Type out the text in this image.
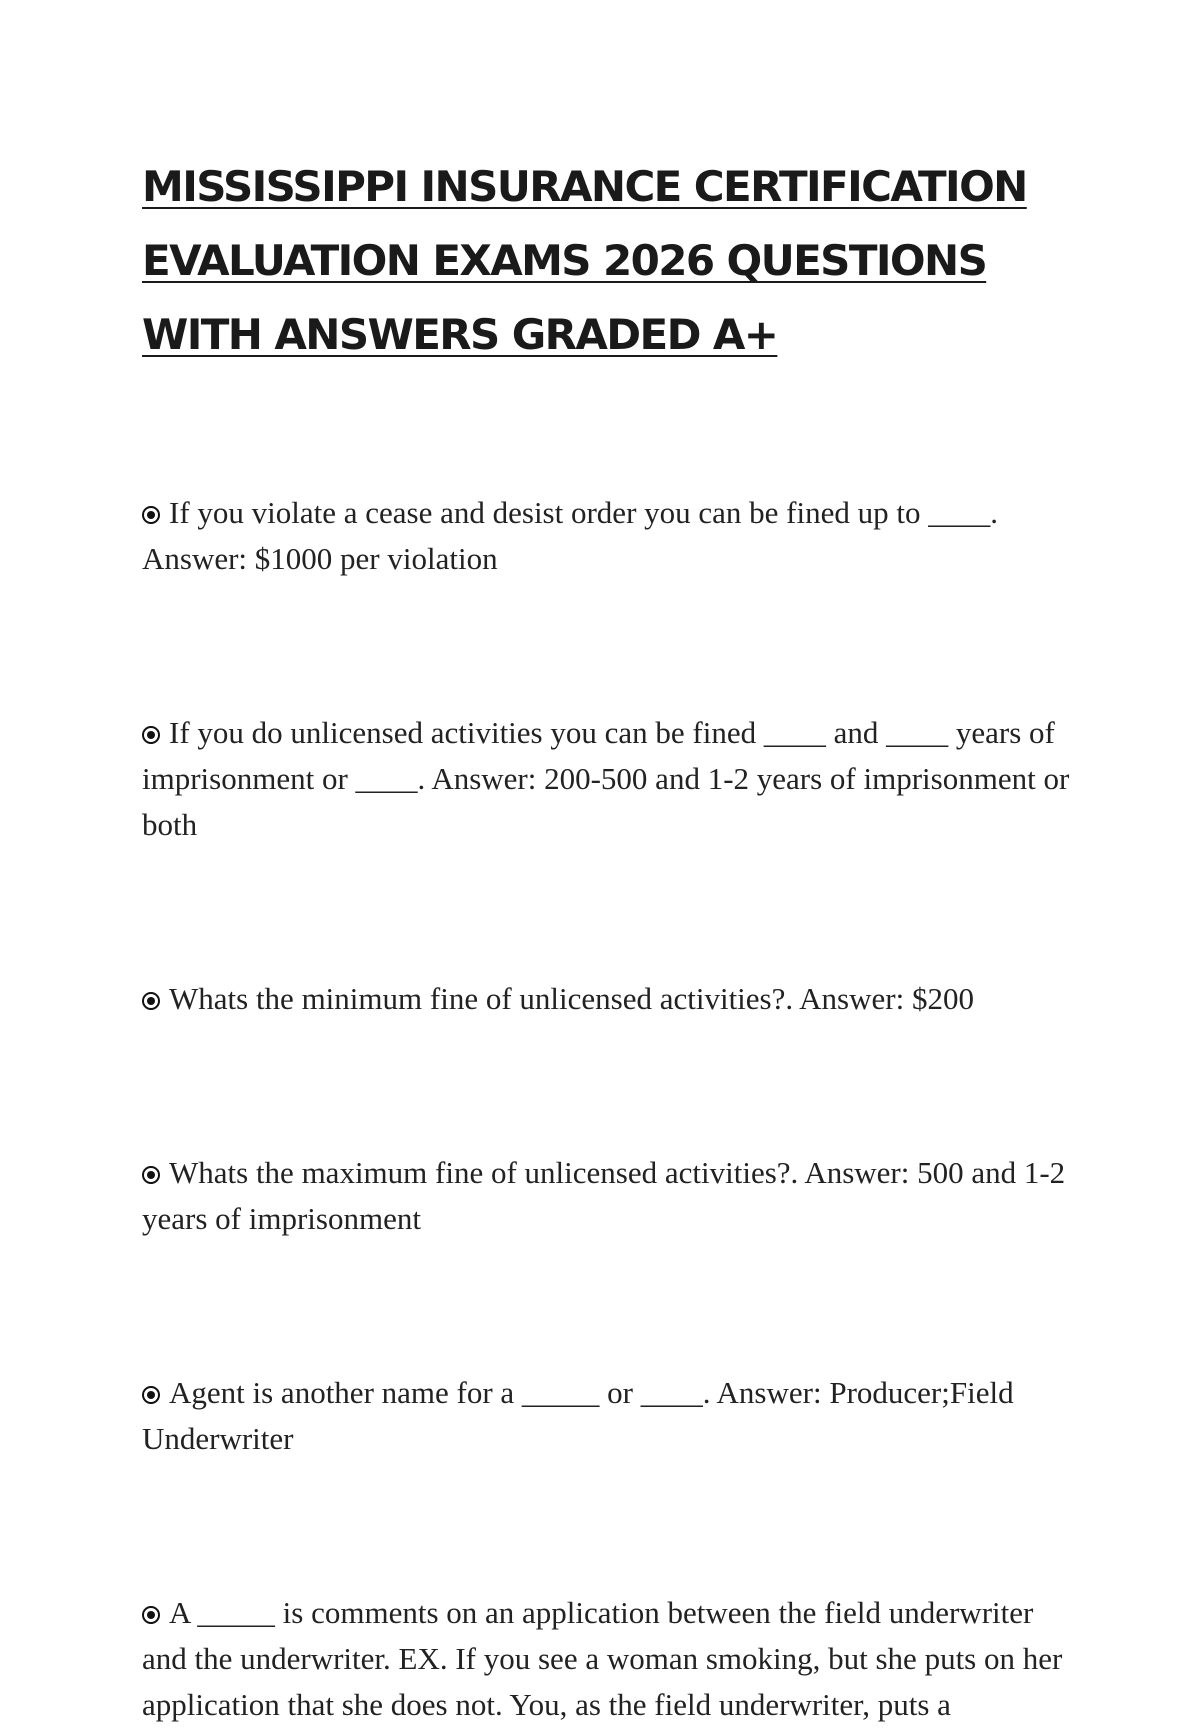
MISSISSIPPI INSURANCE CERTIFICATION EVALUATION EXAMS 2026 QUESTIONS WITH ANSWERS GRADED A+

If you violate a cease and desist order you can be fined up to ____. Answer: $1000 per violation

If you do unlicensed activities you can be fined ____ and ____ years of imprisonment or ____. Answer: 200-500 and 1-2 years of imprisonment or both

Whats the minimum fine of unlicensed activities?. Answer: $200

Whats the maximum fine of unlicensed activities?. Answer: 500 and 1-2 years of imprisonment

Agent is another name for a _____ or ____. Answer: Producer;Field Underwriter

A _____ is comments on an application between the field underwriter and the underwriter. EX. If you see a woman smoking, but she puts on her application that she does not. You, as the field underwriter, puts a
